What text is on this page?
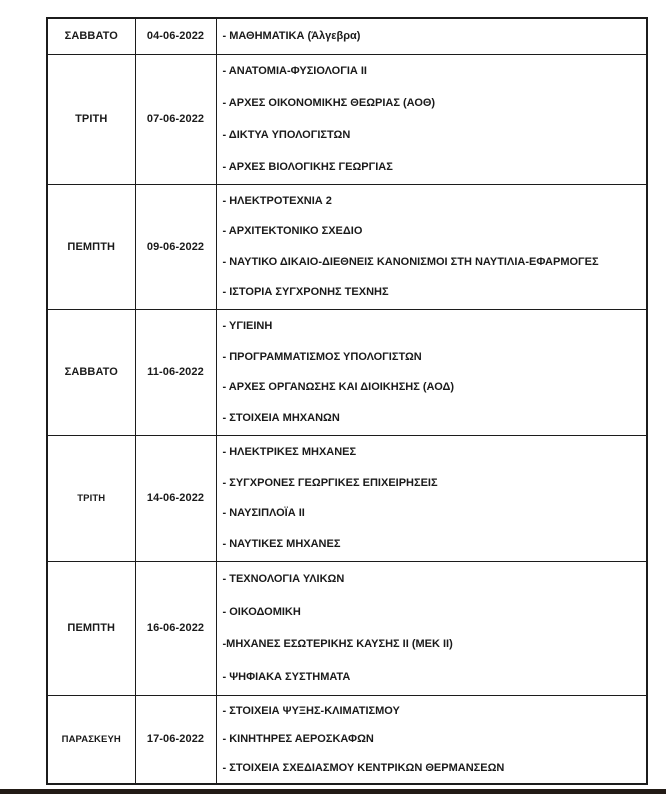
ΣΑΒΒΑΤΟ	04-06-2022	- ΜΑΘΗΜΑΤΙΚΑ (Άλγεβρα)

ΤΡΙΤΗ	07-06-2022	- ΑΝΑΤΟΜΙΑ-ΦΥΣΙΟΛΟΓΙΑ ΙΙ
- ΑΡΧΕΣ ΟΙΚΟΝΟΜΙΚΗΣ ΘΕΩΡΙΑΣ (ΑΟΘ)
- ΔΙΚΤΥΑ ΥΠΟΛΟΓΙΣΤΩΝ
- ΑΡΧΕΣ ΒΙΟΛΟΓΙΚΗΣ ΓΕΩΡΓΙΑΣ

ΠΕΜΠΤΗ	09-06-2022	- ΗΛΕΚΤΡΟΤΕΧΝΙΑ 2
- ΑΡΧΙΤΕΚΤΟΝΙΚΟ ΣΧΕΔΙΟ
- ΝΑΥΤΙΚΟ ΔΙΚΑΙΟ-ΔΙΕΘΝΕΙΣ ΚΑΝΟΝΙΣΜΟΙ ΣΤΗ ΝΑΥΤΙΛΙΑ-ΕΦΑΡΜΟΓΕΣ
- ΙΣΤΟΡΙΑ ΣΥΓΧΡΟΝΗΣ ΤΕΧΝΗΣ

ΣΑΒΒΑΤΟ	11-06-2022	- ΥΓΙΕΙΝΗ
- ΠΡΟΓΡΑΜΜΑΤΙΣΜΟΣ ΥΠΟΛΟΓΙΣΤΩΝ
- ΑΡΧΕΣ ΟΡΓΑΝΩΣΗΣ ΚΑΙ ΔΙΟΙΚΗΣΗΣ (ΑΟΔ)
- ΣΤΟΙΧΕΙΑ ΜΗΧΑΝΩΝ

ΤΡΙΤΗ	14-06-2022	- ΗΛΕΚΤΡΙΚΕΣ ΜΗΧΑΝΕΣ
- ΣΥΓΧΡΟΝΕΣ ΓΕΩΡΓΙΚΕΣ ΕΠΙΧΕΙΡΗΣΕΙΣ
- ΝΑΥΣΙΠΛΟΪΑ ΙΙ
- ΝΑΥΤΙΚΕΣ ΜΗΧΑΝΕΣ

ΠΕΜΠΤΗ	16-06-2022	- ΤΕΧΝΟΛΟΓΙΑ ΥΛΙΚΩΝ
- ΟΙΚΟΔΟΜΙΚΗ
-ΜΗΧΑΝΕΣ ΕΣΩΤΕΡΙΚΗΣ ΚΑΥΣΗΣ ΙΙ (ΜΕΚ ΙΙ)
- ΨΗΦΙΑΚΑ ΣΥΣΤΗΜΑΤΑ

ΠΑΡΑΣΚΕΥΗ	17-06-2022	- ΣΤΟΙΧΕΙΑ ΨΥΞΗΣ-ΚΛΙΜΑΤΙΣΜΟΥ
- ΚΙΝΗΤΗΡΕΣ ΑΕΡΟΣΚΑΦΩΝ
- ΣΤΟΙΧΕΙΑ ΣΧΕΔΙΑΣΜΟΥ ΚΕΝΤΡΙΚΩΝ ΘΕΡΜΑΝΣΕΩΝ
